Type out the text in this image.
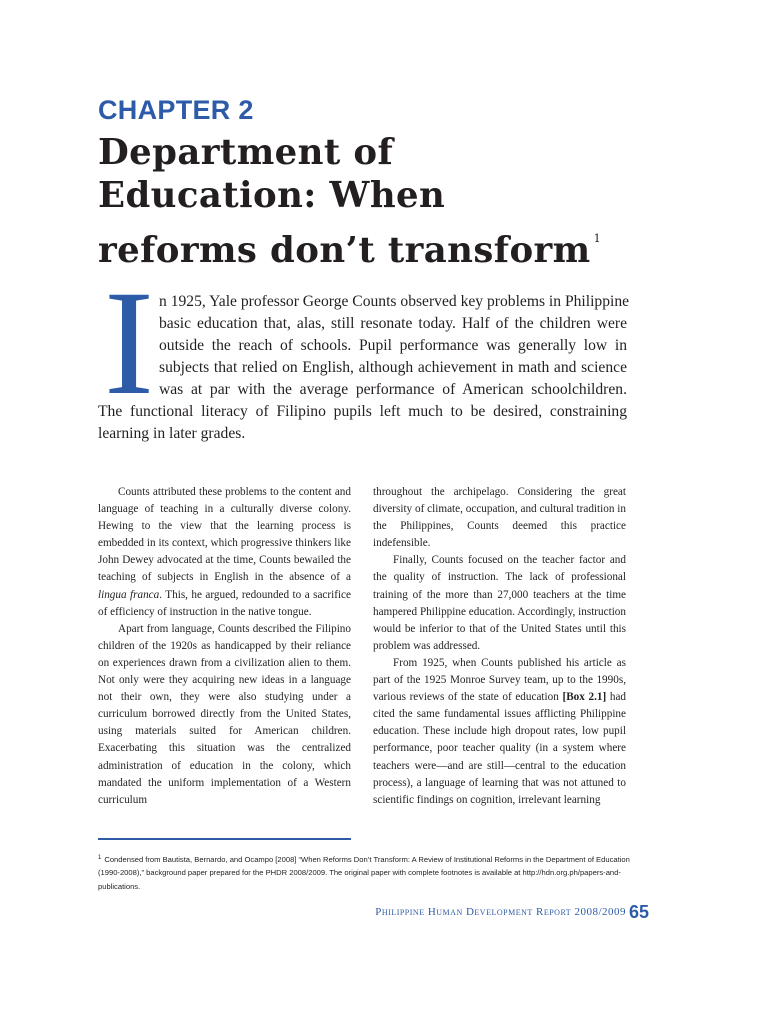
CHAPTER 2
Department of
Education: When
reforms don’t transform $^1$
I n 1925, Yale professor George Counts observed key problems in Philippine
basic education that, alas, still resonate today. Half of the children were
outside the reach of schools. Pupil performance was generally low in
subjects that relied on English, although achievement in math and science
was at par with the average performance of American schoolchildren.
The functional literacy of Filipino pupils left much to be desired, constraining
learning in later grades.

Counts attributed these problems to the content and language of teaching in a culturally diverse colony. Hewing to the view that the learning process is embedded in its context, which progressive thinkers like John Dewey advocated at the time, Counts bewailed the teaching of subjects in English in the absence of a lingua franca. This, he argued, redounded to a sacrifice of efficiency of instruction in the native tongue.

Apart from language, Counts described the Filipino children of the 1920s as handicapped by their reliance on experiences drawn from a civilization alien to them. Not only were they acquiring new ideas in a language not their own, they were also studying under a curriculum borrowed directly from the United States, using materials suited for American children. Exacerbating this situation was the centralized administration of education in the colony, which mandated the uniform implementation of a Western curriculum

throughout the archipelago. Considering the great diversity of climate, occupation, and cultural tradition in the Philippines, Counts deemed this practice indefensible.

Finally, Counts focused on the teacher factor and the quality of instruction. The lack of professional training of the more than 27,000 teachers at the time hampered Philippine education. Accordingly, instruction would be inferior to that of the United States until this problem was addressed.

From 1925, when Counts published his article as part of the 1925 Monroe Survey team, up to the 1990s, various reviews of the state of education [Box 2.1] had cited the same fundamental issues afflicting Philippine education. These include high dropout rates, low pupil performance, poor teacher quality (in a system where teachers were—and are still—central to the education process), a language of learning that was not attuned to scientific findings on cognition, irrelevant learning

$^1$ Condensed from Bautista, Bernardo, and Ocampo [2008] “When Reforms Don’t Transform: A Review of Institutional Reforms in the Department of Education (1990-2008),” background paper prepared for the PHDR 2008/2009. The original paper with complete footnotes is available at http://hdn.org.ph/papers-and-publications.
Philippine Human Development Report 2008/2009 65
